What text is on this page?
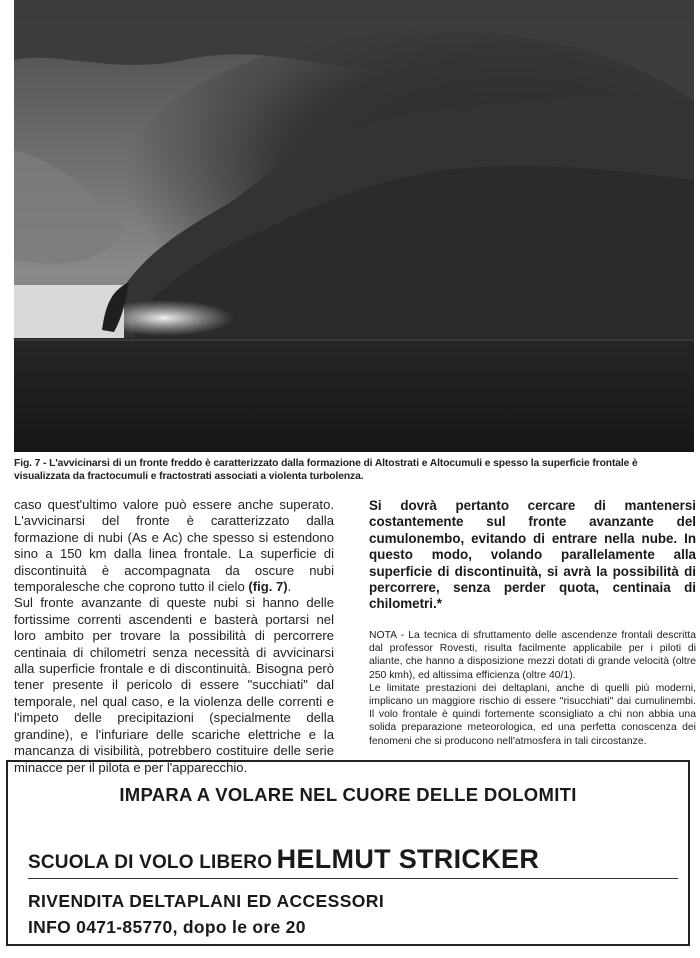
Fig. 7 - L'avvicinarsi di un fronte freddo è caratterizzato dalla formazione di Altostrati e Altocumuli e spesso la superficie frontale è visualizzata da fractocumuli e fractostrati associati a violenta turbolenza.

caso quest'ultimo valore può essere anche superato. L'avvicinarsi del fronte è caratterizzato dalla formazione di nubi (As e Ac) che spesso si estendono sino a 150 km dalla linea frontale. La superficie di discontinuità è accompagnata da oscure nubi temporalesche che coprono tutto il cielo (fig. 7).

Sul fronte avanzante di queste nubi si hanno delle fortissime correnti ascendenti e basterà portarsi nel loro ambito per trovare la possibilità di percorrere centinaia di chilometri senza necessità di avvicinarsi alla superficie frontale e di discontinuità. Bisogna però tener presente il pericolo di essere "succhiati" dal temporale, nel qual caso, e la violenza delle correnti e l'impeto delle precipitazioni (specialmente della grandine), e l'infuriare delle scariche elettriche e la mancanza di visibilità, potrebbero costituire delle serie minacce per il pilota e per l'apparecchio.

Si dovrà pertanto cercare di mantenersi costantemente sul fronte avanzante del cumulonembo, evitando di entrare nella nube. In questo modo, volando parallelamente alla superficie di discontinuità, si avrà la possibilità di percorrere, senza perder quota, centinaia di chilometri.*

NOTA - La tecnica di sfruttamento delle ascendenze frontali descritta dal professor Rovesti, risulta facilmente applicabile per i piloti di aliante, che hanno a disposizione mezzi dotati di grande velocità (oltre 250 kmh), ed altissima efficienza (oltre 40/1).

Le limitate prestazioni dei deltaplani, anche di quelli più moderni, implicano un maggiore rischio di essere "risucchiati" dai cumulinembi. Il volo frontale è quindi fortemente sconsigliato a chi non abbia una solida preparazione meteorologica, ed una perfetta conoscenza dei fenomeni che si producono nell'atmosfera in tali circostanze.

IMPARA A VOLARE NEL CUORE DELLE DOLOMITI
SCUOLA DI VOLO LIBERO HELMUT STRICKER
RIVENDITA DELTAPLANI ED ACCESSORI
INFO 0471-85770, dopo le ore 20
